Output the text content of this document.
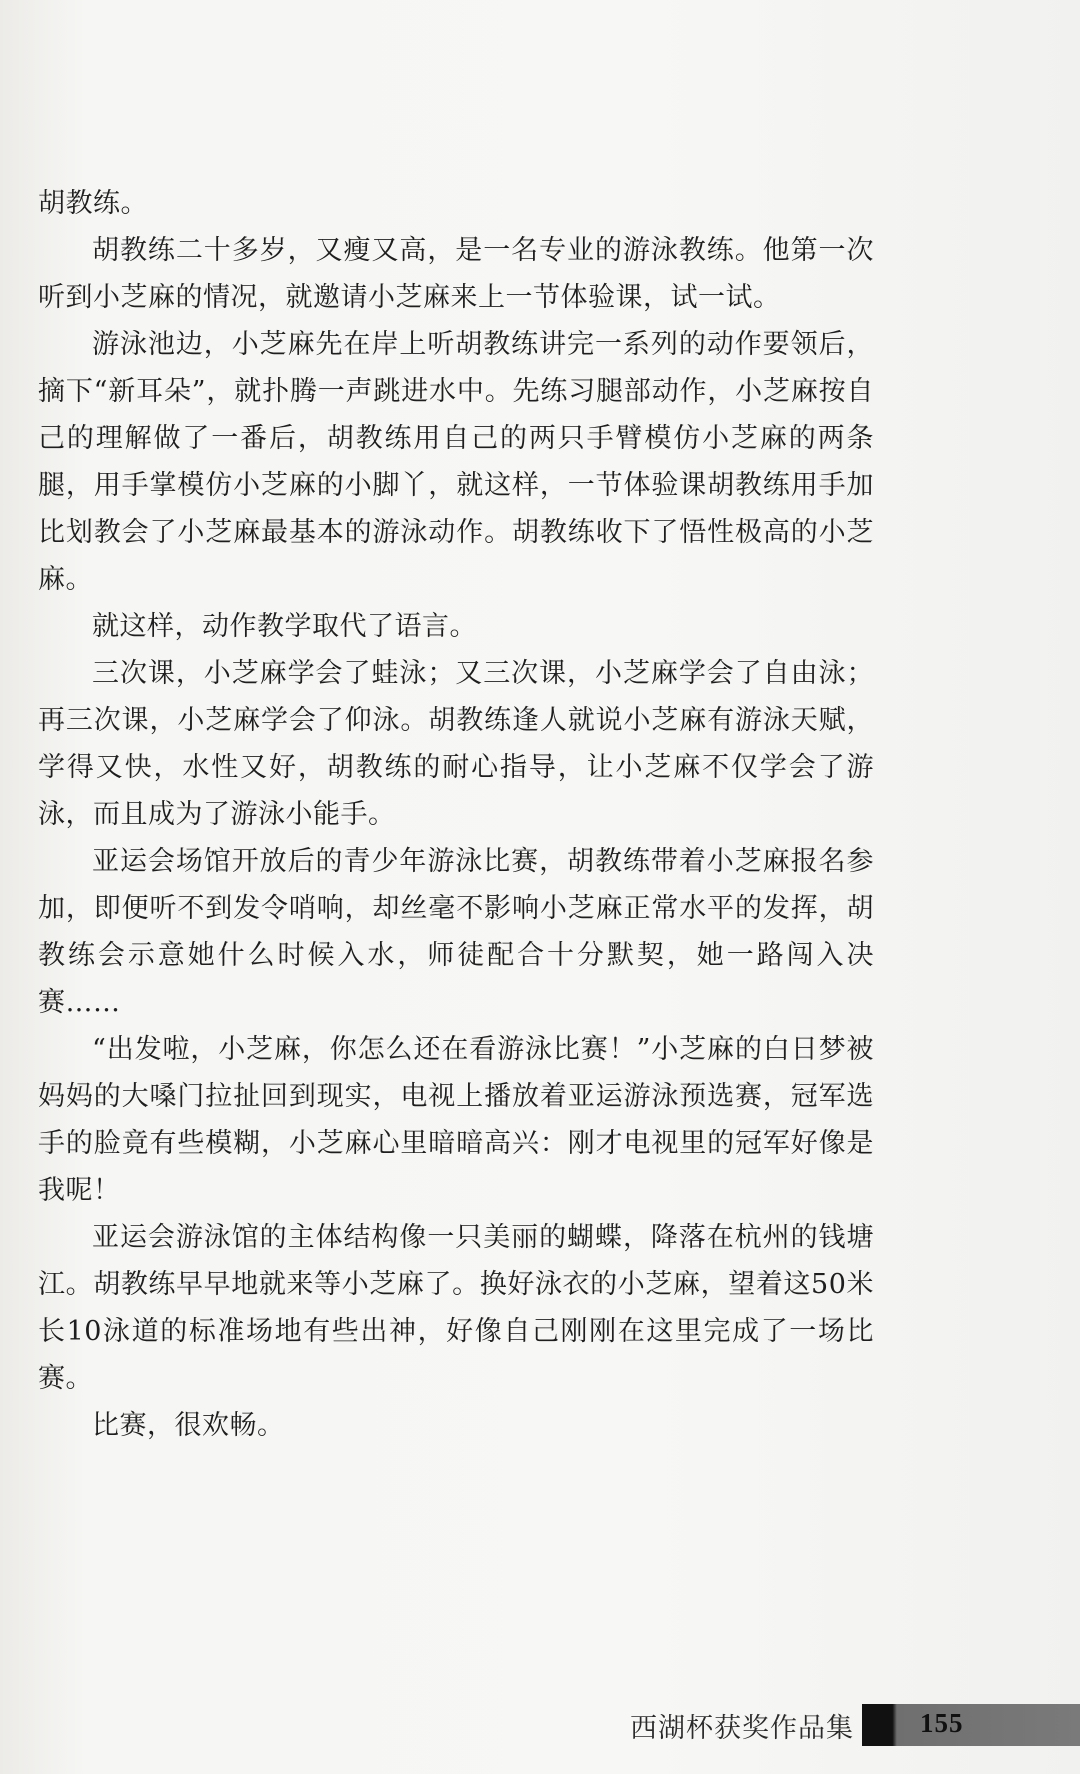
胡教练。

胡教练二十多岁，又瘦又高，是一名专业的游泳教练。他第一次听到小芝麻的情况，就邀请小芝麻来上一节体验课，试一试。

游泳池边，小芝麻先在岸上听胡教练讲完一系列的动作要领后，摘下“新耳朵”，就扑腾一声跳进水中。先练习腿部动作，小芝麻按自己的理解做了一番后，胡教练用自己的两只手臂模仿小芝麻的两条腿，用手掌模仿小芝麻的小脚丫，就这样，一节体验课胡教练用手加比划教会了小芝麻最基本的游泳动作。胡教练收下了悟性极高的小芝麻。

就这样，动作教学取代了语言。

三次课，小芝麻学会了蛙泳；又三次课，小芝麻学会了自由泳；再三次课，小芝麻学会了仰泳。胡教练逢人就说小芝麻有游泳天赋，学得又快，水性又好，胡教练的耐心指导，让小芝麻不仅学会了游泳，而且成为了游泳小能手。

亚运会场馆开放后的青少年游泳比赛，胡教练带着小芝麻报名参加，即便听不到发令哨响，却丝毫不影响小芝麻正常水平的发挥，胡教练会示意她什么时候入水，师徒配合十分默契，她一路闯入决赛……

“出发啦，小芝麻，你怎么还在看游泳比赛！”小芝麻的白日梦被妈妈的大嗓门拉扯回到现实，电视上播放着亚运游泳预选赛，冠军选手的脸竟有些模糊，小芝麻心里暗暗高兴：刚才电视里的冠军好像是我呢！

亚运会游泳馆的主体结构像一只美丽的蝴蝶，降落在杭州的钱塘江。胡教练早早地就来等小芝麻了。换好泳衣的小芝麻，望着这50米长10泳道的标准场地有些出神，好像自己刚刚在这里完成了一场比赛。

比赛，很欢畅。

西湖杯获奖作品集 155
